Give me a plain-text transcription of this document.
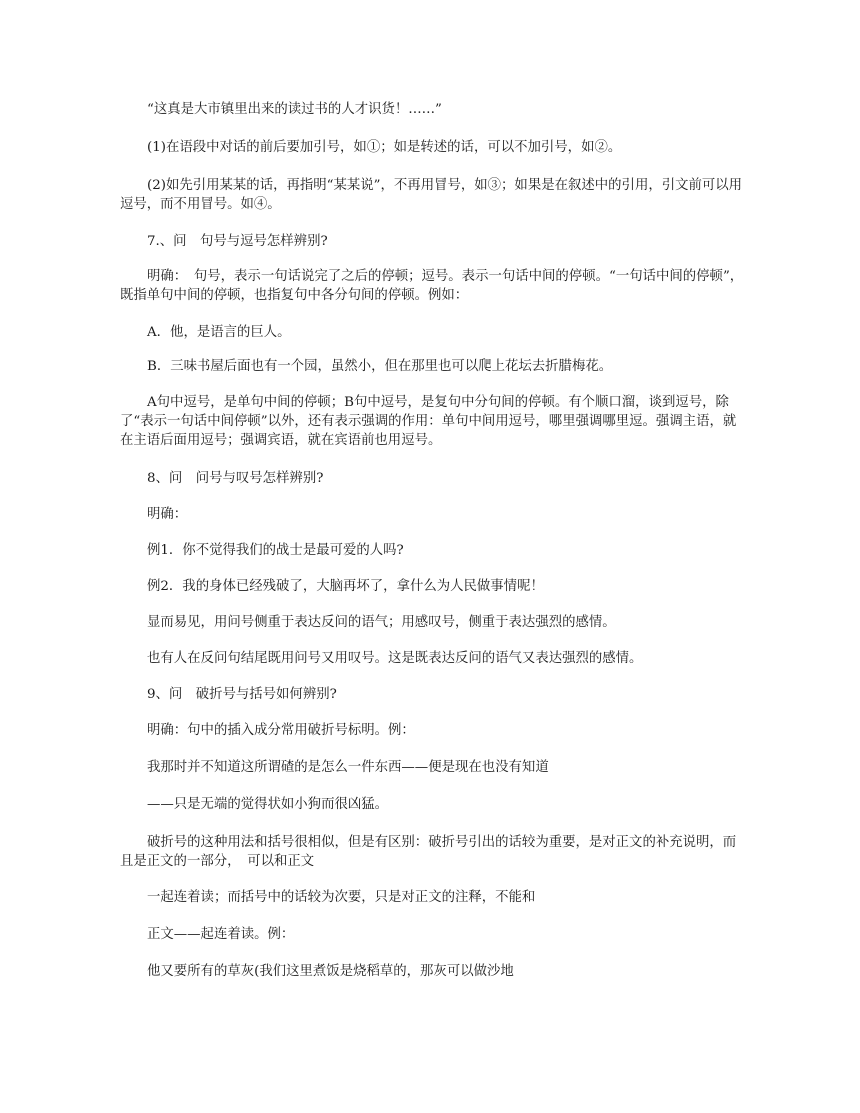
“这真是大市镇里出来的读过书的人才识货！……”

(1)在语段中对话的前后要加引号，如①；如是转述的话，可以不加引号，如②。

(2)如先引用某某的话，再指明“某某说”，不再用冒号，如③；如果是在叙述中的引用，引文前可以用逗号，而不用冒号。如④。

7.、问　句号与逗号怎样辨别?

明确：　句号，表示一句话说完了之后的停顿；逗号。表示一句话中间的停顿。“一句话中间的停顿”，既指单句中间的停顿，也指复句中各分句间的停顿。例如：

A．他，是语言的巨人。

B．三味书屋后面也有一个园，虽然小，但在那里也可以爬上花坛去折腊梅花。

A句中逗号，是单句中间的停顿；B句中逗号，是复句中分句间的停顿。有个顺口溜，谈到逗号，除了“表示一句话中间停顿”以外，还有表示强调的作用：单句中间用逗号，哪里强调哪里逗。强调主语，就在主语后面用逗号；强调宾语，就在宾语前也用逗号。

8、问　问号与叹号怎样辨别?

明确：

例1．你不觉得我们的战士是最可爱的人吗?

例2．我的身体已经残破了，大脑再坏了，拿什么为人民做事情呢！

显而易见，用问号侧重于表达反问的语气；用感叹号，侧重于表达强烈的感情。

也有人在反问句结尾既用问号又用叹号。这是既表达反问的语气又表达强烈的感情。

9、问　破折号与括号如何辨别?

明确：句中的插入成分常用破折号标明。例：

我那时并不知道这所谓碴的是怎么一件东西——便是现在也没有知道

——只是无端的觉得状如小狗而很凶猛。

破折号的这种用法和括号很相似，但是有区别：破折号引出的话较为重要，是对正文的补充说明，而且是正文的一部分，　可以和正文

一起连着读；而括号中的话较为次要，只是对正文的注释，不能和

正文——起连着读。例：

他又要所有的草灰(我们这里煮饭是烧稻草的，那灰可以做沙地
